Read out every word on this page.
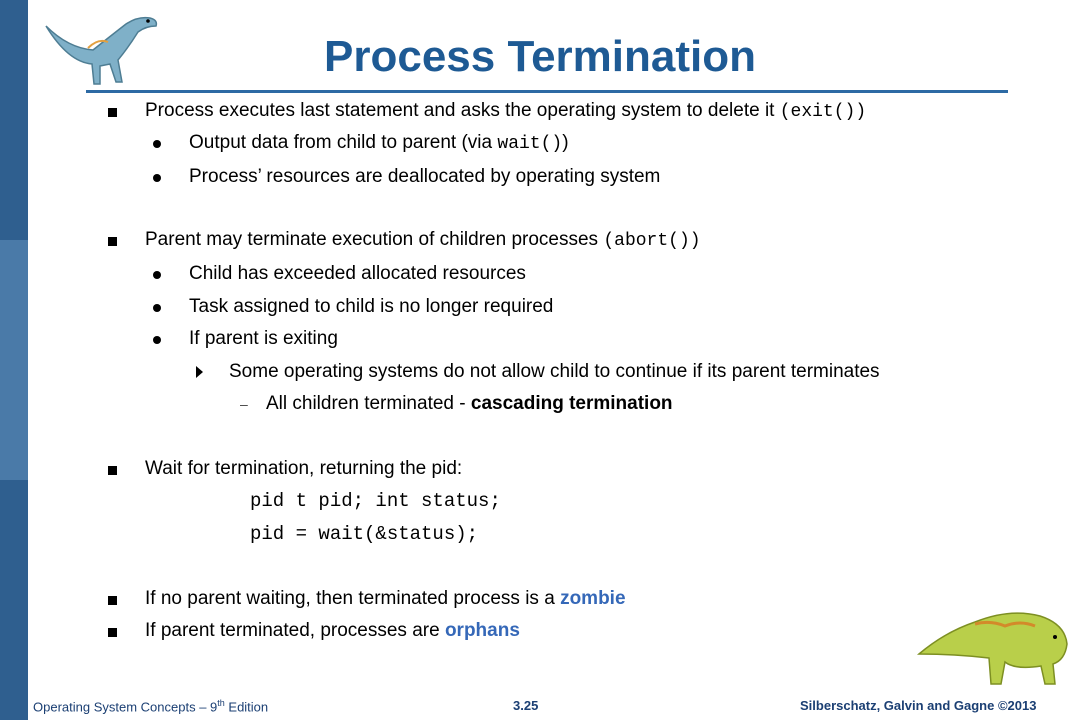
Process Termination
Process executes last statement and asks the operating system to delete it (exit())
Output data from child to parent (via wait())
Process’ resources are deallocated by operating system
Parent may terminate execution of children processes (abort())
Child has exceeded allocated resources
Task assigned to child is no longer required
If parent is exiting
Some operating systems do not allow child to continue if its parent terminates
– All children terminated - cascading termination
Wait for termination, returning the pid:
pid t pid; int status;
pid = wait(&status);
If no parent waiting, then terminated process is a zombie
If parent terminated, processes are orphans
Operating System Concepts – 9th Edition	3.25	Silberschatz, Galvin and Gagne ©2013
